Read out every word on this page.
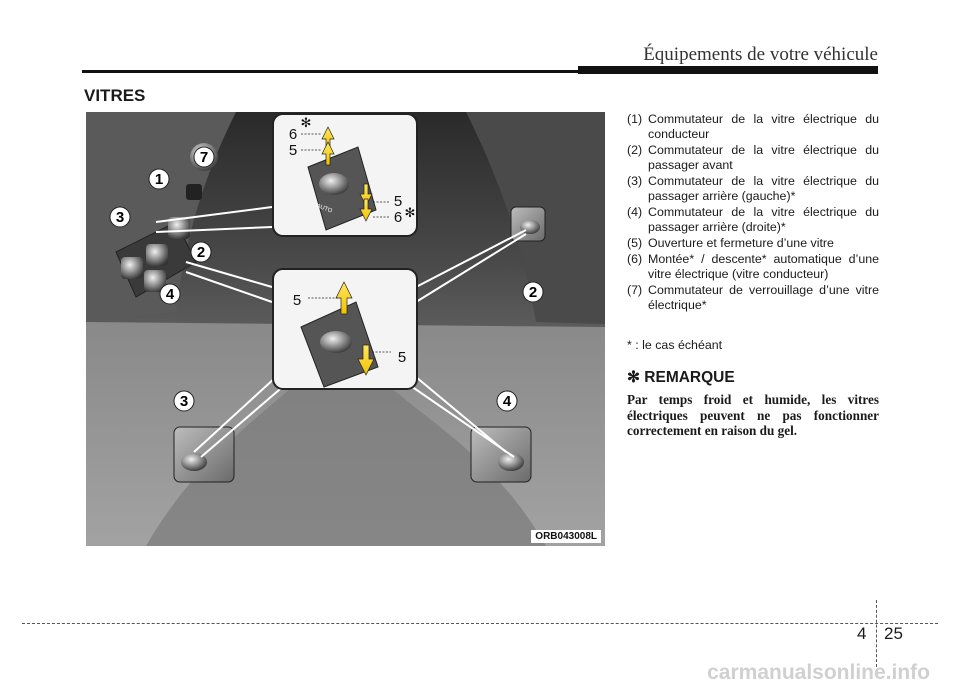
Équipements de votre véhicule
VITRES
AUTO
1
2
3
4
7
2
3	4
6
5
5
6
5
5
✻
✻
ORB043008L
(1) Commutateur de la vitre électrique du conducteur
(2) Commutateur de la vitre électrique du passager avant
(3) Commutateur de la vitre électrique du passager arrière (gauche)*
(4) Commutateur de la vitre électrique du passager arrière (droite)*
(5) Ouverture et fermeture d’une vitre
(6) Montée* / descente* automatique d’une vitre électrique (vitre conducteur)
(7) Commutateur de verrouillage d’une vitre électrique*
* : le cas échéant
✻ REMARQUE
Par temps froid et humide, les vitres électriques peuvent ne pas fonctionner correctement en raison du gel.
4 25
carmanualsonline.info
